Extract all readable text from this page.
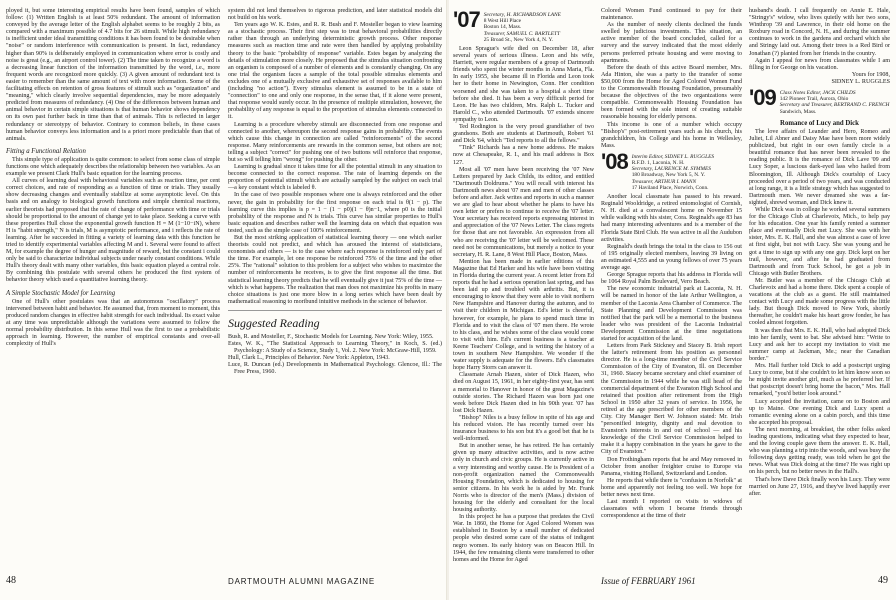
ployed it, but some interesting empirical results have been found, samples of which follow: (1) Written English is at least 50% redundant. The amount of information conveyed by the average letter of the English alphabet seems to be roughly 2 bits, as compared with a maximum possible of 4.7 bits for 26 stimuli. While high redundancy is inefficient under ideal transmitting conditions it has been found to be desirable when "noise" or random interference with communication is present. In fact, redundancy higher than 90% is deliberately employed in communication where error is costly and noise is great (e.g., an airport control tower). (2) The time taken to recognize a word is a decreasing linear function of the information transmitted by the word, i.e., more frequent words are recognized more quickly. (3) A given amount of redundant text is easier to remember than the same amount of text with more information. Some of the facilitating effects on retention of gross features of stimuli such as "organization" and "meaning," which clearly involve sequential dependencies, may be more adequately predicted from measures of redundancy. (4) One of the differences between human and animal behavior in certain simple situations is that human behavior shows dependency on its own past further back in time than that of animals. This is reflected in larger redundancy or stereotypy of behavior. Contrary to common beliefs, in these cases human behavior conveys less information and is a priori more predictable than that of animals.

Fitting a Functional Relation

This simple type of application is quite common: to select from some class of simple functions one which adequately describes the relationship between two variables. As an example we present Clark Hull's basic equation for the learning process.

All curves of learning deal with behavioral variables such as reaction time, per cent correct choices, and rate of responding as a function of time or trials. They usually show decreasing changes and eventually stabilize at some asymptotic level. On this basis and on analogy to biological growth functions and simple chemical reactions, earlier theorists had proposed that the rate of change of performance with time or trials should be proportional to the amount of change yet to take place. Seeking a curve with these properties Hull chose the exponential growth function H = M (1−10−iN), where H is "habit strength," N is trials, M is asymptotic performance, and i reflects the rate of learning. After he succeeded in fitting a variety of learning data with this function he tried to identify experimental variables affecting M and i. Several were found to affect M, for example the degree of hunger and magnitude of reward, but the constant i could only be said to characterize individual subjects under nearly constant conditions. While Hull's theory dealt with many other variables, this basic equation played a central role. By combining this postulate with several others he produced the first system of behavior theory which used a quantitative learning theory.

A Simple Stochastic Model for Learning

One of Hull's other postulates was that an autonomous "oscillatory" process intervened between habit and behavior. He assumed that, from moment to moment, this produced random changes in effective habit strength for each individual. Its exact value at any time was unpredictable although the variations were assumed to follow the normal probability distribution. In this sense Hull was the first to use a probabilistic approach in learning. However, the number of empirical constants and over-all complexity of Hull's

system did not lend themselves to rigorous prediction, and later statistical models did not build on his work.

Ten years ago W. K. Estes, and R. R. Bush and F. Mosteller began to view learning as a stochastic process. Their first step was to treat behavioral probabilities directly rather than through an underlying deterministic growth process. Other response measures such as reaction time and rate were then handled by applying probability theory to the basic "probability of response" variable. Estes began by analyzing the details of stimulation more closely. He proposed that the stimulus situation confronting an organism is composed of a number of elements and is constantly changing. On any one trial the organism faces a sample of the total possible stimulus elements and excludes one of a mutually exclusive and exhaustive set of responses available to him (including "no action"). Every stimulus element is assumed to be in a state of "connection" to one and only one response, in the sense that, if it alone were present, that response would surely occur. In the presence of multiple stimulation, however, the probability of any response is equal to the proportion of stimulus elements connected to it.

Learning is a procedure whereby stimuli are disconnected from one response and connected to another, whereupon the second response gains in probability. The events which cause this change in connection are called "reinforcements" of the second response. Many reinforcements are rewards in the common sense, but others are not; telling a subject "correct" for pushing one of two buttons will reinforce that response, but so will telling him "wrong" for pushing the other.

Learning is gradual since it takes time for all the potential stimuli in any situation to become connected to the correct response. The rate of learning depends on the proportion of potential stimuli which are actually sampled by the subject on each trial—a key constant which is labeled θ.

In the case of two possible responses where one is always reinforced and the other never, the gain in probability for the first response on each trial is θ(1 − p). The learning curve this implies is p = 1 − (1 − p0)(1 − θ)n−1, where p0 is the initial probability of the response and N is trials. This curve has similar properties to Hull's basic equation and describes rather well the learning data on which that equation was tested, such as the simple case of 100% reinforcement.

But the most striking application of statistical learning theory — one which earlier theorists could not predict, and which has aroused the interest of statisticians, economists and others — is to the case where each response is reinforced only part of the time. For example, let one response be reinforced 75% of the time and the other 25%. The "rational" solution to this problem for a subject who wishes to maximize the number of reinforcements he receives, is to give the first response all the time. But statistical learning theory predicts that he will eventually give it just 75% of the time — which is what happens. The realization that man does not maximize his profits in many choice situations is just one more blow in a long series which have been dealt by mathematical reasoning to moribund intuitive methods in the science of behavior.

Suggested Reading

Bush, R. and Mosteller, F., Stochastic Models for Learning. New York: Wiley, 1955.

Estes, W. K., "The Statistical Approach to Learning Theory," in Koch, S. (ed.) Psychology: A Study of a Science, Study 1, Vol. 2. New York: McGraw-Hill, 1959.

Hull, Clark L., Principles of Behavior. New York: Appleton, 1943.

Luce, R. Duncan (ed.) Developments in Mathematical Psychology. Glencoe, Ill.: The Free Press, 1960.

48	DARTMOUTH ALUMNI MAGAZINE
'07 Secretary, H. RICHARDSON LANE
8 West Hill Place
Boston 14, Mass.
Treasurer, SAMUEL C. BARTLETT
25 Broad St., New York 4, N. Y.

Leon Sprague's wife died on December 18, after several years of serious illness. Leon and his wife, Harriett, were regular members of a group of Dartmouth friends who spent the winter months in Anna Maria, Fla. In early 1955, she became ill in Florida and Leon took her to their home in Newington, Conn. Her condition worsened and she was taken to a hospital a short time before she died. It has been a very difficult period for Leon. He has two children, Mrs. Ralph L. Tucker and Harold C., who attended Dartmouth. '07 extends sincere sympathy to Leon.

Ted Rodington is the very proud grandfather of two grandsons. Both are students at Dartmouth, Robert '61 and Dick '64, which "Ted reports to all the fellows."

"Tink" Richards has a new home address. He makes now at Chesapeake, R. I., and his mail address is Box 127.

Most all '07 men have been receiving the '07 New Letters prepared by Jack Childs, its editor, and entitled "Dartmouth Doldrums." You will recall with interest his Dartmouth news about '07 men and men of other classes before and after. Jack writes and reports in such a manner we are glad to hear about whether he plans to have his own letter or prefers to continue to receive the '07 letter. Your secretary has received reports expressing interest in and appreciation of the '07 News Letter. The class regrets for those that are not favorable. An expression from all who are receiving the '07 letter will be welcomed. These need not be communications, but merely a notice to your secretary, H. R. Lane, 8 West Hill Place, Boston, Mass.

Mention has been made in earlier editions of this Magazine that Ed Harker and his wife have been visiting in Florida during the current year. A recent letter from Ed reports that he had a serious operation last spring, and has been laid up and troubled with arthritis. But, it is encouraging to know that they were able to visit northern New Hampshire and Hanover during the autumn, and to visit their children in Michigan. Ed's letter is cheerful, however, for example, he plans to spend much time in Florida and to visit the class of '07 men there. He wrote to his class, and he wishes some of the class would come to visit with him. Ed's current business is a teacher at Keene Teachers' College, and is writing the history of a town in southern New Hampshire. We wonder if the water supply is adequate for the flowers. Ed's classmates hope Harry Storrs can answer it.

Classmate Arnah Hazen, sister of Dick Hazen, who died on August 15, 1961, in her eighty-first year, has sent a memorial to Hanover in honor of the great Magazine's outside stories. The Richard Hazen was born just one week before Dick Hazen died in his 90th year. '07 has lost Dick Hazen.

"Bishop" Niles is a busy fellow in spite of his age and his reduced vision. He has recently turned over his insurance business to his son but it's a good bet that he is well-informed.

But in another sense, he has retired. He has certainly given up many attractive activities, and is now active only in church and civic groups. He is currently active in a very interesting and worthy cause. He is President of a non-profit organization named the Commonwealth Housing Foundation, which is dedicated to housing for senior citizens. In his work he is aided by Mr. Frank Norris who is director of the men's (Mass.) division of housing for the elderly and consultant for the local housing authority.

In this project he has a purpose that predates the Civil War. In 1860, the Home for Aged Colored Women was established in Boston by a small number of dedicated people who desired some care of the status of indigent negro women. Its early history was on Beacon Hill. In 1944, the few remaining clients were transferred to other homes and the Home for Aged

Colored Women Fund continued to pay for their maintenance.

As the number of needy clients declined the funds swelled by judicious investments. This situation, an active member of the board concluded, called for a survey and the survey indicated that the most elderly persons preferred private housing and were moving to apartments.

Before the death of this active Board member, Mrs. Ada Hinton, she was a party to the transfer of some $50,000 from the Home for Aged Colored Women Fund to the Commonwealth Housing Foundation, presumably because the objectives of the two organizations were compatible. Commonwealth Housing Foundation has been formed with the sole intent of creating suitable reasonable housing for elderly persons.

This income is one of a number which occupy "Bishop's" post-retirement years such as his church, his grandchildren, his College and his home in Wellesley, Mass.

'08 Interim Editor, SIDNEY L. RUGGLES
R.F.D. 1, Laconia, N. H.
Secretary, LAURENCE M. SYMMES
180 Broadway, New York 5, N. Y.
Treasurer, ARTHUR I. MANN
17 Haviland Place, Norwich, Conn.

Another local classmate has passed to his reward. Reginald Wooldridge, a retired entomologist of Cornish, N. H. died at a convalescent home on November 15 while walking with his sister, Cora. Reginald's age 83 has had many interesting adventures and is a member of the Florida State Bird Club. He was active in all the Audubon activities.

Reginald's death brings the total in the class to 156 out of 195 originally elected members, leaving 39 living on an estimated 4,555 and us young fellows of over 75 years average age.

George Sprague reports that his address in Florida will be 1064 Royal Palm Boulevard, Vero Beach.

The new economic industrial park at Laconia, N. H. will be named in honor of the late Arthur Wellington, a member of the Laconia Area Chamber of Commerce. The State Planning and Development Commission was notified that the park will be a memorial to the business leader who was president of the Laconia Industrial Development Commission at the time negotiations started for acquisition of the land.

Letters from Park Stickney and Stacey B. Irish report the latter's retirement from his position as personnel director. He is a long-time member of the Civil Service Commission of the City of Evanston, Ill. on December 31, 1960. Stacey became secretary and chief examiner of the Commission in 1944 while he was still head of the commercial department of the Evanston High School and retained that position after retirement from the High School in 1950 after 32 years of service. In 1956, he retired at the age prescribed for other members of the City. City Manager Bert W. Johnson stated: Mr. Irish "personified integrity, dignity and real devotion to Evanston's interests in and out of school — and his knowledge of the Civil Service Commission helped to make it a happy combination in the years he gave to the City of Evanston."

Don Frothingham reports that he and May removed in October from another freighter cruise to Europe via Panama, visiting Holland, Switzerland and London.

He reports that while there is "confusion in Norfolk" at home and apparently not feeling too well. We hope for better news next time.

Last month I reported on visits to widows of classmates with whom I became friends through correspondence at the time of their

husband's death. I call frequently on Annie E. Hale, "Stringy's" widow, who lives quietly with her two sons, Winthrop '39 and Lawrence, in their old home on the Roxbury road in Concord, N. H., and during the summer continues to work in the gardens and orchard which she and Stringy laid out. Among their trees is a Red Bird or Jonathan (?) planted from her friends in the country.

Again I appeal for news from classmates while I am filling in for George on his vacation.

Yours for 1908,

SIDNEY L. RUGGLES

'09 Class Notes Editor, JACK CHILDS
142 Pioneer Trail, Aurora, Ohio
Secretary and Treasurer, BERTRAND C. FRENCH
Sandwich, Mass.
Romance of Lucy and Dick

The love affairs of Leander and Hero, Romeo and Juliet, Lil Abner and Daisy Mae have been more widely publicized, but right in our own family circle is a beautiful romance that has never been revealed to the reading public. It is the romance of Dick Lave '09 and Lucy Soper, a luscious dark-eyed lass who hailed from Bloomington, Ill. Although Dick's courtship of Lucy proceeded over a period of two years, and was conducted at long range, it is a little strategy which has suggested to Dartmouth men. We never dreamed she was a far-sighted, shrewd woman, and Dick knew it.

While Dick was in college he worked several summers for the Chicago Club at Charlevoix, Mich., to help pay for his education. One year his family rented a summer place and eventually Dick met Lucy. She was with her sister, Mrs. E. K. Hall, and she was almost a case of love at first sight, but not with Lucy. She was young and he got a time to sign up with any one guy. Dick kept on her trail, however, and after he had graduated from Dartmouth and from Tuck School, he got a job in Chicago with Butler Brothers.

Mr. Butler was a member of the Chicago Club at Charlevoix and had a home there. Dick spent a couple of vacations at the club as a guest. He still maintained contact with Lucy and made some progress with the little lady. But though Dick moved to New York, shortly thereafter, he couldn't make his heart grow fonder, he has cooled almost forgotten.

It was then that Mrs. E. K. Hall, who had adopted Dick into her family, went to bat. She advised him: "Write to Lucy and ask her to accept my invitation to visit me summer camp at Jackman, Me.; near the Canadian border."

Mrs. Hall further told Dick to add a postscript urging Lucy to come, but if she couldn't to let him know soon so he might invite another girl, much as he preferred her. If that postscript doesn't bring home the bacon," Mrs. Hall remarked, "you'd better look around."

Lucy accepted the invitation, came on to Boston and up to Maine. One evening Dick and Lucy spent a romantic evening alone on a cabin porch, and this time she accepted his proposal.

The next morning, at breakfast, the other folks asked leading questions, indicating what they expected to hear, and the loving couple gave them the answer. E. K. Hall, who was planning a trip into the woods, and was busy the following days getting ready, was told when he got the news. What was Dick doing at the time? He was right up on his perch, but no better news in the Hall's.

That's how Dave Dick finally won his Lucy. They were married on June 27, 1916, and they've lived happily ever after.

Issue of FEBRUARY 1961	49
